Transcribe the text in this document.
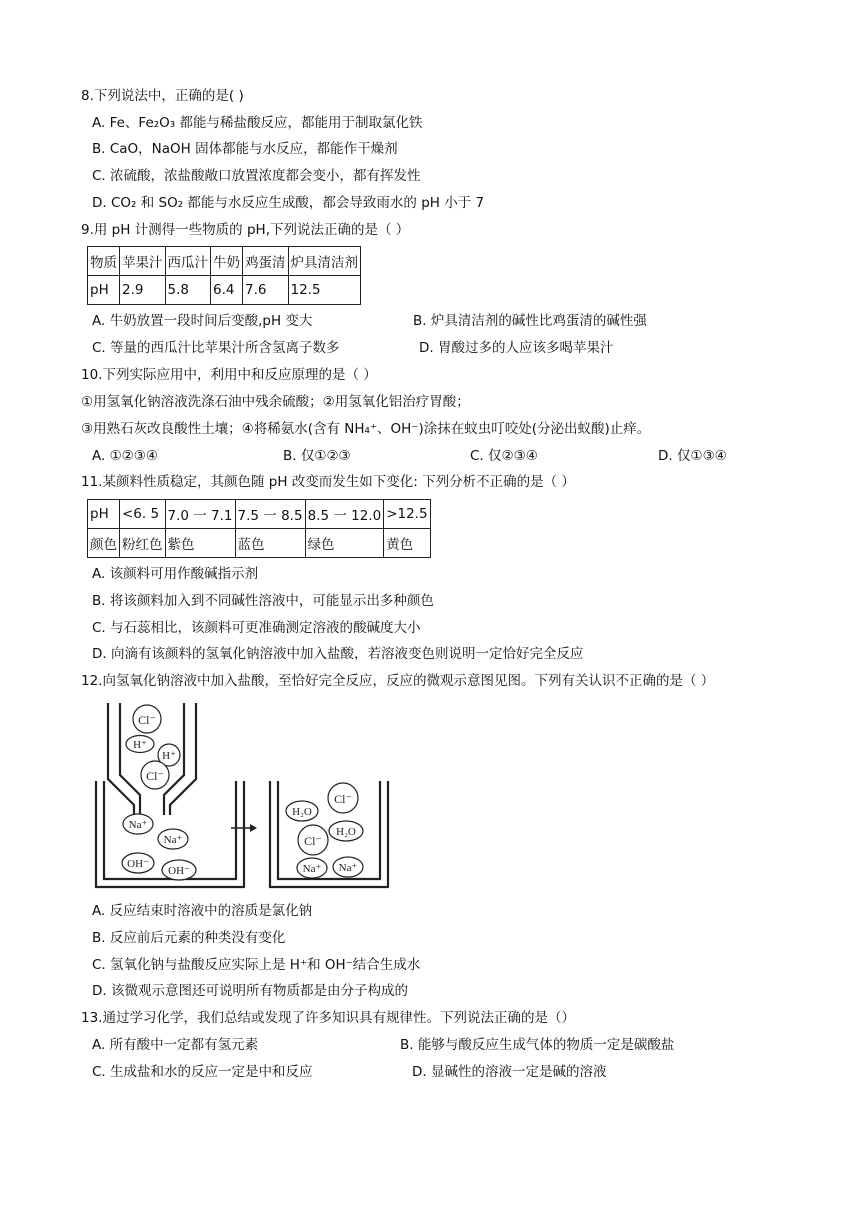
8.下列说法中，正确的是( )
A. Fe、Fe₂O₃ 都能与稀盐酸反应，都能用于制取氯化铁
B. CaO，NaOH 固体都能与水反应，都能作干燥剂
C. 浓硫酸，浓盐酸敞口放置浓度都会变小，都有挥发性
D. CO₂ 和 SO₂ 都能与水反应生成酸，都会导致雨水的 pH 小于 7
9.用 pH 计测得一些物质的 pH,下列说法正确的是（ ）
物质	苹果汁	西瓜汁	牛奶	鸡蛋清	炉具清洁剂
pH	2.9	5.8	6.4	7.6	12.5
A. 牛奶放置一段时间后变酸,pH 变大	B. 炉具清洁剂的碱性比鸡蛋清的碱性强
C. 等量的西瓜汁比苹果汁所含氢离子数多	D. 胃酸过多的人应该多喝苹果汁
10.下列实际应用中，利用中和反应原理的是（ ）
①用氢氧化钠溶液洗涤石油中残余硫酸；②用氢氧化铝治疗胃酸；
③用熟石灰改良酸性土壤；④将稀氨水(含有 NH₄⁺、OH⁻)涂抹在蚊虫叮咬处(分泌出蚁酸)止痒。
A. ①②③④	B. 仅①②③	C. 仅②③④	D. 仅①③④
11.某颜料性质稳定，其颜色随 pH 改变而发生如下变化: 下列分析不正确的是（ ）
pH	<6. 5	7.0 一 7.1	7.5 一 8.5	8.5 一 12.0	>12.5
颜色	粉红色	紫色	蓝色	绿色	黄色
A. 该颜料可用作酸碱指示剂
B. 将该颜料加入到不同碱性溶液中，可能显示出多种颜色
C. 与石蕊相比，该颜料可更准确测定溶液的酸碱度大小
D. 向滴有该颜料的氢氧化钠溶液中加入盐酸，若溶液变色则说明一定恰好完全反应
12.向氢氧化钠溶液中加入盐酸，至恰好完全反应，反应的微观示意图见图。下列有关认识不正确的是（ ）
Cl⁻
H⁺
H⁺
Cl⁻
Na⁺
Na⁺
OH⁻
OH⁻
H₂O
Cl⁻
H₂O
Cl⁻
Na⁺ Na⁺
A. 反应结束时溶液中的溶质是氯化钠
B. 反应前后元素的种类没有变化
C. 氢氧化钠与盐酸反应实际上是 H⁺和 OH⁻结合生成水
D. 该微观示意图还可说明所有物质都是由分子构成的
13.通过学习化学，我们总结或发现了许多知识具有规律性。下列说法正确的是（）
A. 所有酸中一定都有氢元素	B. 能够与酸反应生成气体的物质一定是碳酸盐
C. 生成盐和水的反应一定是中和反应	D. 显碱性的溶液一定是碱的溶液
